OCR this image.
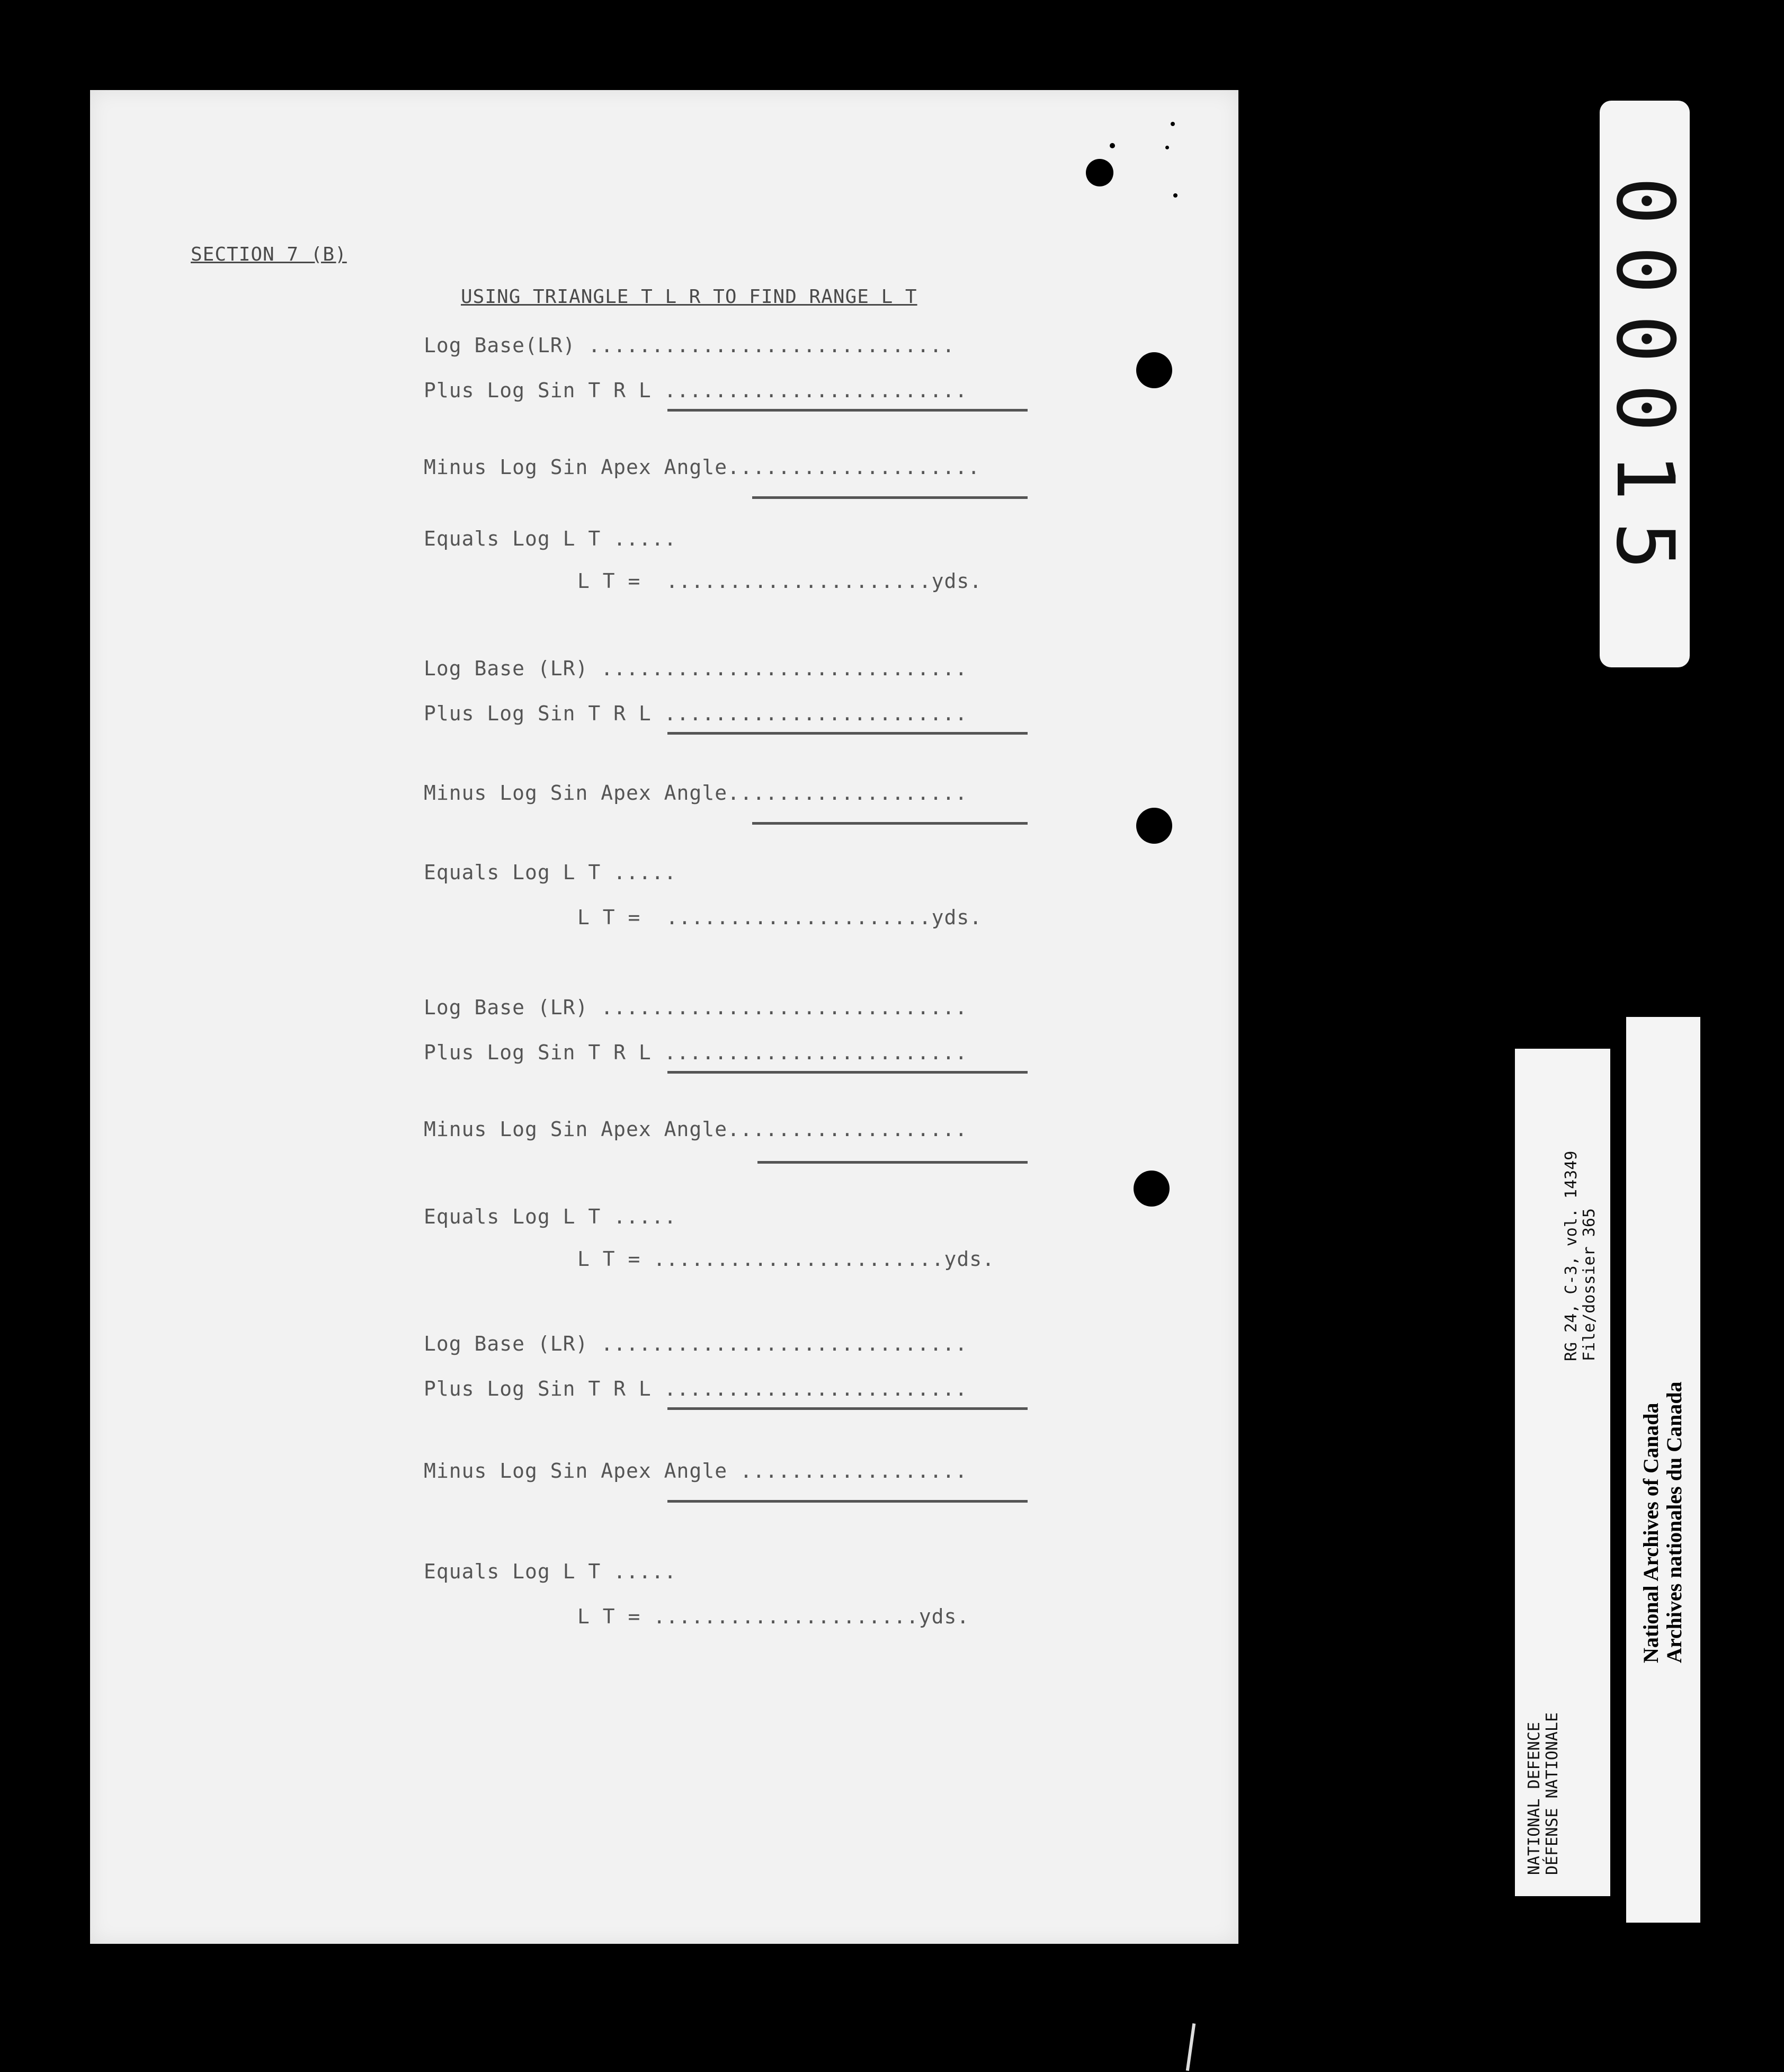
SECTION 7 (B)
USING TRIANGLE T L R TO FIND RANGE L T
Log Base(LR) .............................
Plus Log Sin T R L ........................
Minus Log Sin Apex Angle....................
Equals Log L T .....
L T =  .....................yds.
Log Base (LR) .............................
Plus Log Sin T R L ........................
Minus Log Sin Apex Angle...................
Equals Log L T .....
L T =  .....................yds.
Log Base (LR) .............................
Plus Log Sin T R L ........................
Minus Log Sin Apex Angle...................
Equals Log L T .....
L T = .......................yds.
Log Base (LR) .............................
Plus Log Sin T R L ........................
Minus Log Sin Apex Angle ..................
Equals Log L T .....
L T = .....................yds.
000015
NATIONAL DEFENCE DÉFENSE NATIONALE
RG 24, C-3, vol. 14349 File/dossier 365
National Archives of Canada Archives nationales du Canada
